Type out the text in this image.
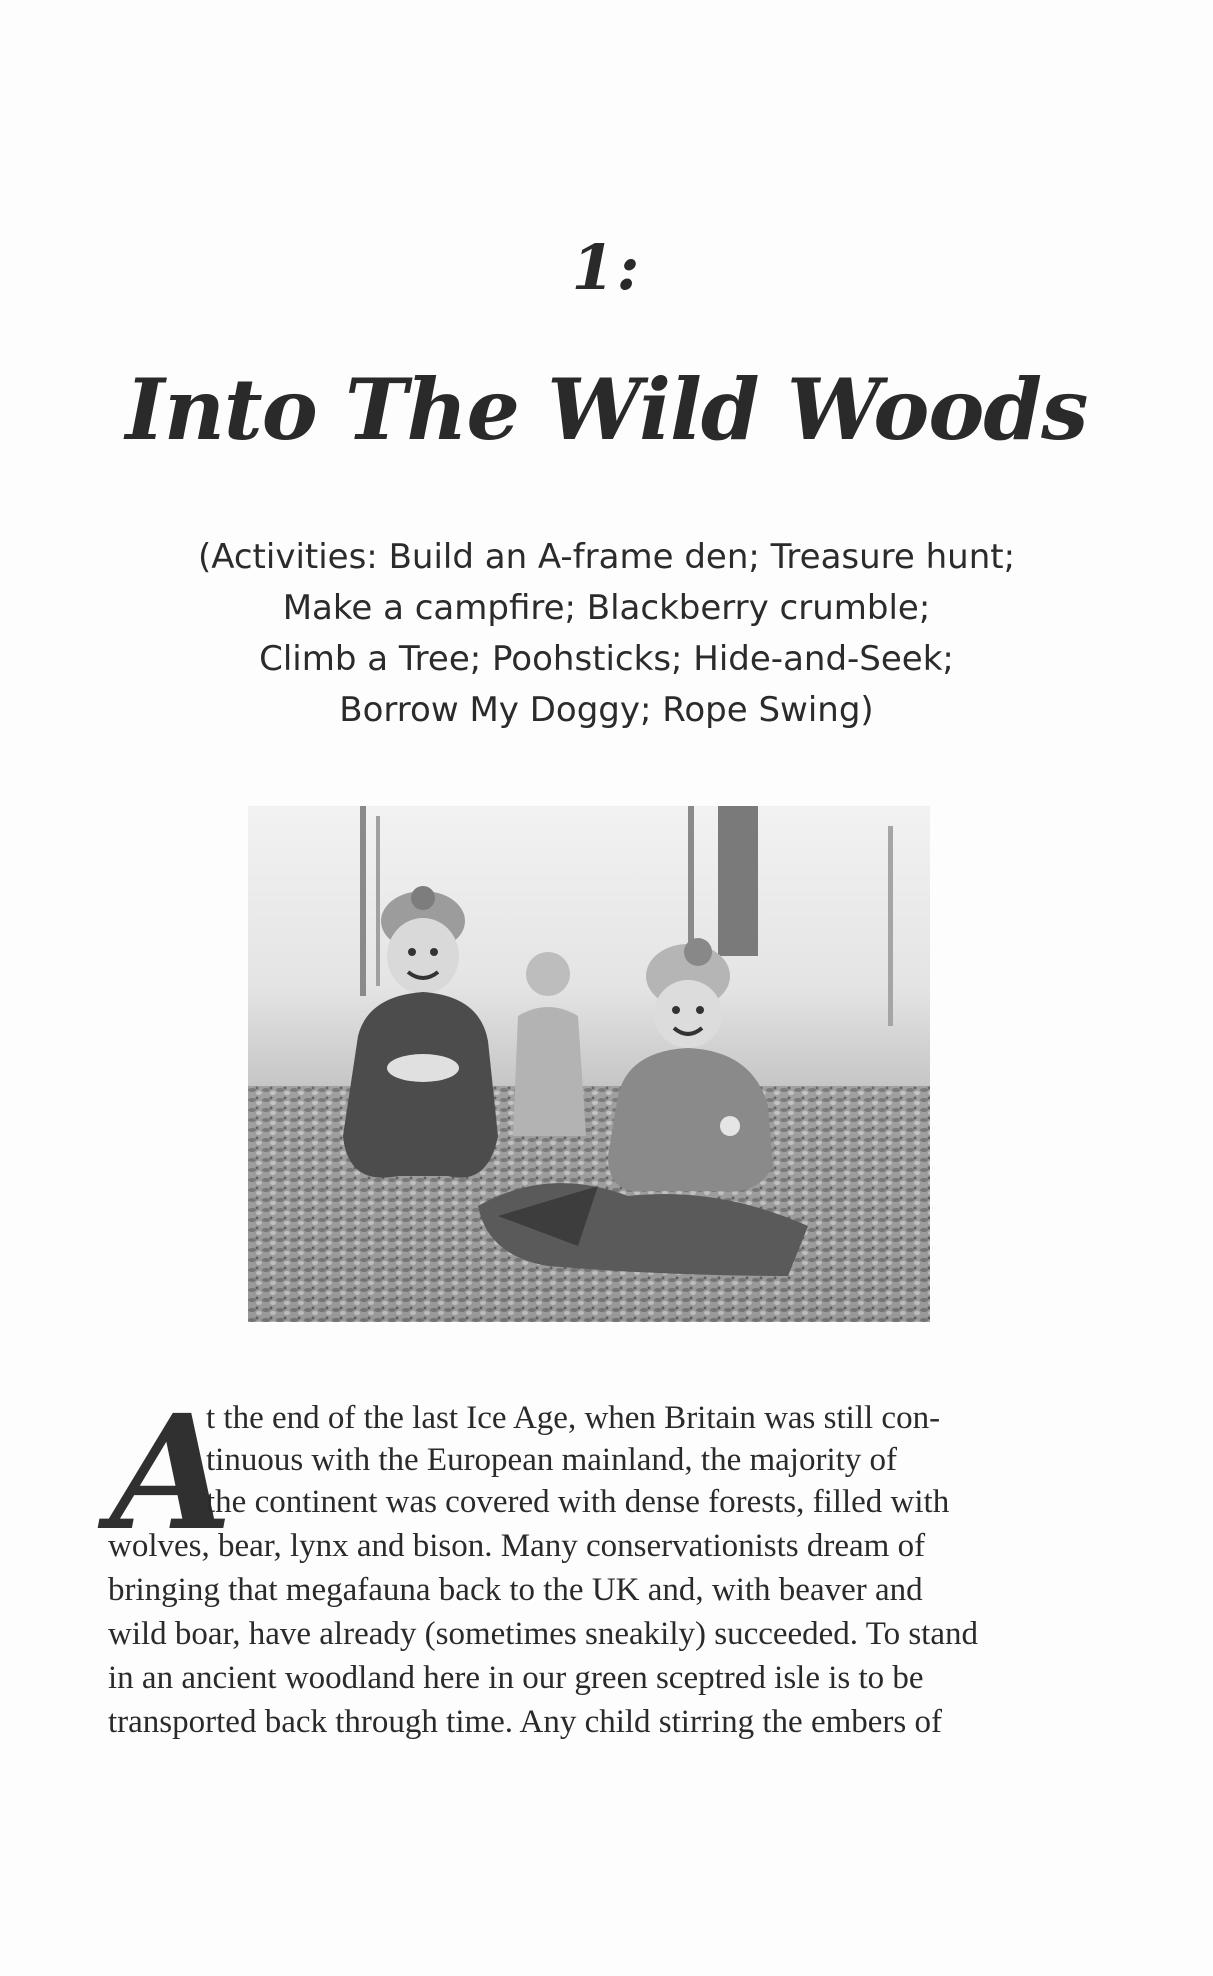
1:
Into The Wild Woods
(Activities: Build an A-frame den; Treasure hunt;
Make a campfire; Blackberry crumble;
Climb a Tree; Poohsticks; Hide-and-Seek;
Borrow My Doggy; Rope Swing)
A
t the end of the last Ice Age, when Britain was still con-
tinuous with the European mainland, the majority of
the continent was covered with dense forests, filled with
wolves, bear, lynx and bison. Many conservationists dream of
bringing that megafauna back to the UK and, with beaver and
wild boar, have already (sometimes sneakily) succeeded. To stand
in an ancient woodland here in our green sceptred isle is to be
transported back through time. Any child stirring the embers of
